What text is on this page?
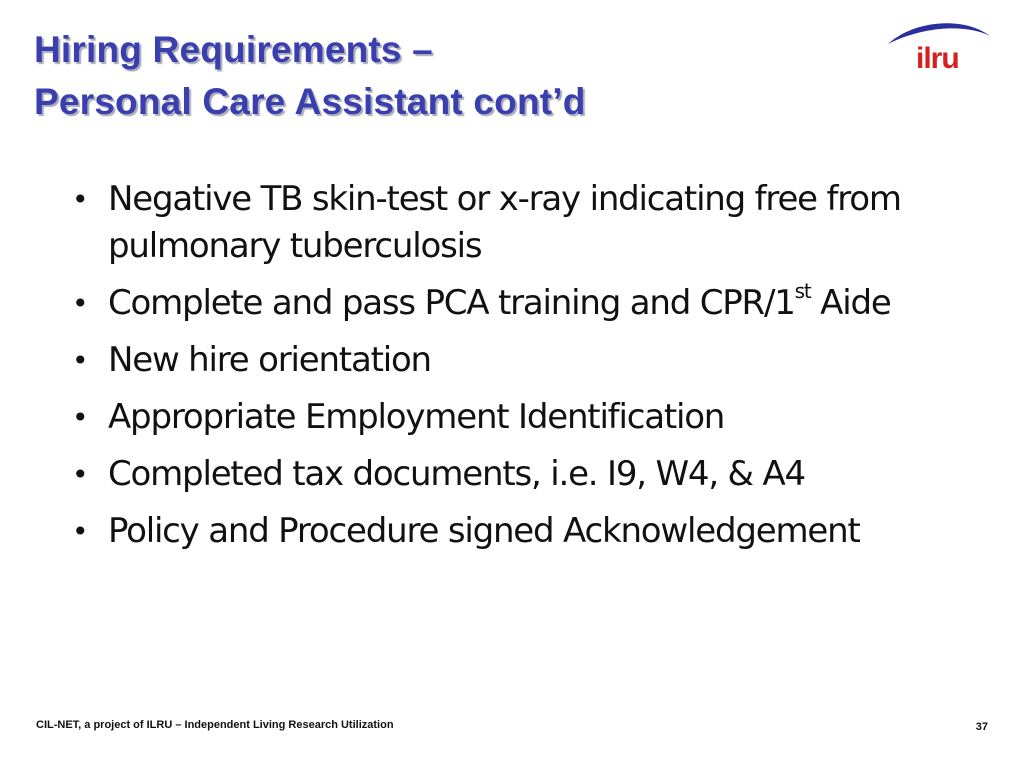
Hiring Requirements –
Personal Care Assistant cont’d
ilru
• Negative TB skin-test or x-ray indicating free from pulmonary tuberculosis
• Complete and pass PCA training and CPR/1st Aide
• New hire orientation
• Appropriate Employment Identification
• Completed tax documents, i.e. I9, W4, & A4
• Policy and Procedure signed Acknowledgement
CIL-NET, a project of ILRU – Independent Living Research Utilization	37
